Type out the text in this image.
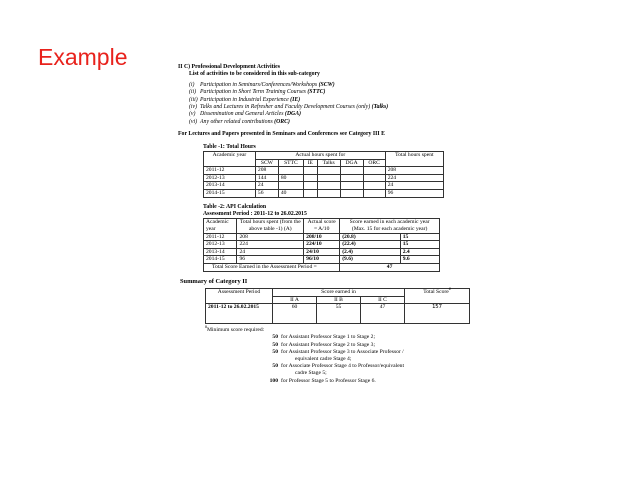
Example	II C) Professional Development Activities
List of activities to be considered in this sub-category
(i) Participation in Seminars/Conferences/Workshops (SCW)
(ii) Participation in Short Term Training Courses (STTC)
(iii) Participation in Industrial Experience (IE)
(iv) Talks and Lectures in Refresher and Faculty Development Courses (only) (Talks)
(v) Dissemination and General Articles (DGA)
(vi) Any other related contributions (ORC)
For Lectures and Papers presented in Seminars and Conferences see Category III E
Table -1: Total Hours
Academic year	Actual hours spent for						Total hours spent
	SCW	STTC	IE	Talks	DGA	ORC	
2011-12	208						208
2012-13	144	80					224
2013-14	24						24
2014-15	56	40					96
Table -2: API Calculation
Assessment Period : 2011-12 to 26.02.2015
Academic year	Total hours spent (from the above table -1) (A)	Actual score = A/10	Score earned in each academic year (Max. 15 for each academic year)	
2011-12	208	208/10	(20.8)	15
2012-13	224	224/10	(22.4)	15
2013-14	24	24/10	(2.4)	2.4
2014-15	96	96/10	(9.6)	9.6
Total Score Earned in the Assessment Period =			47	
Summary of Category II
Assessment Period	Score earned in			Total Score#
	II A	II B	II C	
2011-12 to 26.02.2015	60	55	47	157
#Minimum score required:
50 for Assistant Professor Stage 1 to Stage 2;
50 for Assistant Professor Stage 2 to Stage 3;
50 for Assistant Professor Stage 3 to Associate Professor /
equivalent cadre Stage 4;
50 for Associate Professor Stage 4 to Professor/equivalent
cadre Stage 5;
100 for Professor Stage 5 to Professor Stage 6.
